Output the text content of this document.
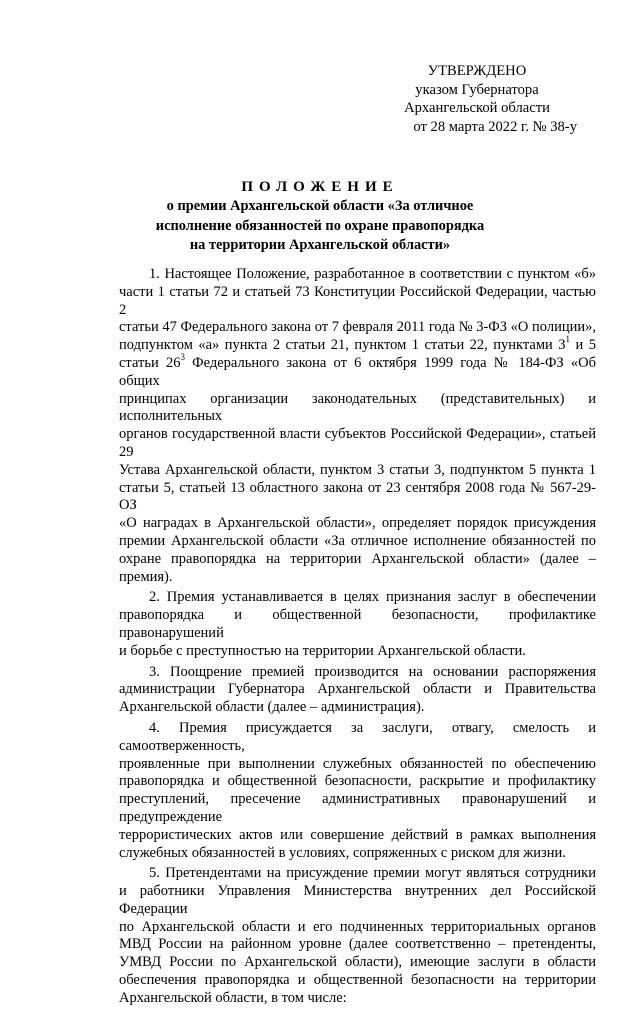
УТВЕРЖДЕНО
указом Губернатора
Архангельской области
от 28 марта 2022 г. № 38-у
ПОЛОЖЕНИЕ
о премии Архангельской области «За отличное
исполнение обязанностей по охране правопорядка
на территории Архангельской области»
1. Настоящее Положение, разработанное в соответствии с пунктом «б»
части 1 статьи 72 и статьей 73 Конституции Российской Федерации, частью 2
статьи 47 Федерального закона от 7 февраля 2011 года № 3-ФЗ «О полиции»,
подпунктом «а» пункта 2 статьи 21, пунктом 1 статьи 22, пунктами $3^1$ и 5
статьи $26^3$ Федерального закона от 6 октября 1999 года № 184-ФЗ «Об общих
принципах организации законодательных (представительных) и исполнительных
органов государственной власти субъектов Российской Федерации», статьей 29
Устава Архангельской области, пунктом 3 статьи 3, подпунктом 5 пункта 1
статьи 5, статьей 13 областного закона от 23 сентября 2008 года № 567-29-ОЗ
«О наградах в Архангельской области», определяет порядок присуждения
премии Архангельской области «За отличное исполнение обязанностей по
охране правопорядка на территории Архангельской области» (далее – премия).
2. Премия устанавливается в целях признания заслуг в обеспечении
правопорядка и общественной безопасности, профилактике правонарушений
и борьбе с преступностью на территории Архангельской области.
3. Поощрение премией производится на основании распоряжения
администрации Губернатора Архангельской области и Правительства
Архангельской области (далее – администрация).
4. Премия присуждается за заслуги, отвагу, смелость и самоотверженность,
проявленные при выполнении служебных обязанностей по обеспечению
правопорядка и общественной безопасности, раскрытие и профилактику
преступлений, пресечение административных правонарушений и предупреждение
террористических актов или совершение действий в рамках выполнения
служебных обязанностей в условиях, сопряженных с риском для жизни.
5. Претендентами на присуждение премии могут являться сотрудники
и работники Управления Министерства внутренних дел Российской Федерации
по Архангельской области и его подчиненных территориальных органов
МВД России на районном уровне (далее соответственно – претенденты,
УМВД России по Архангельской области), имеющие заслуги в области
обеспечения правопорядка и общественной безопасности на территории
Архангельской области, в том числе:
